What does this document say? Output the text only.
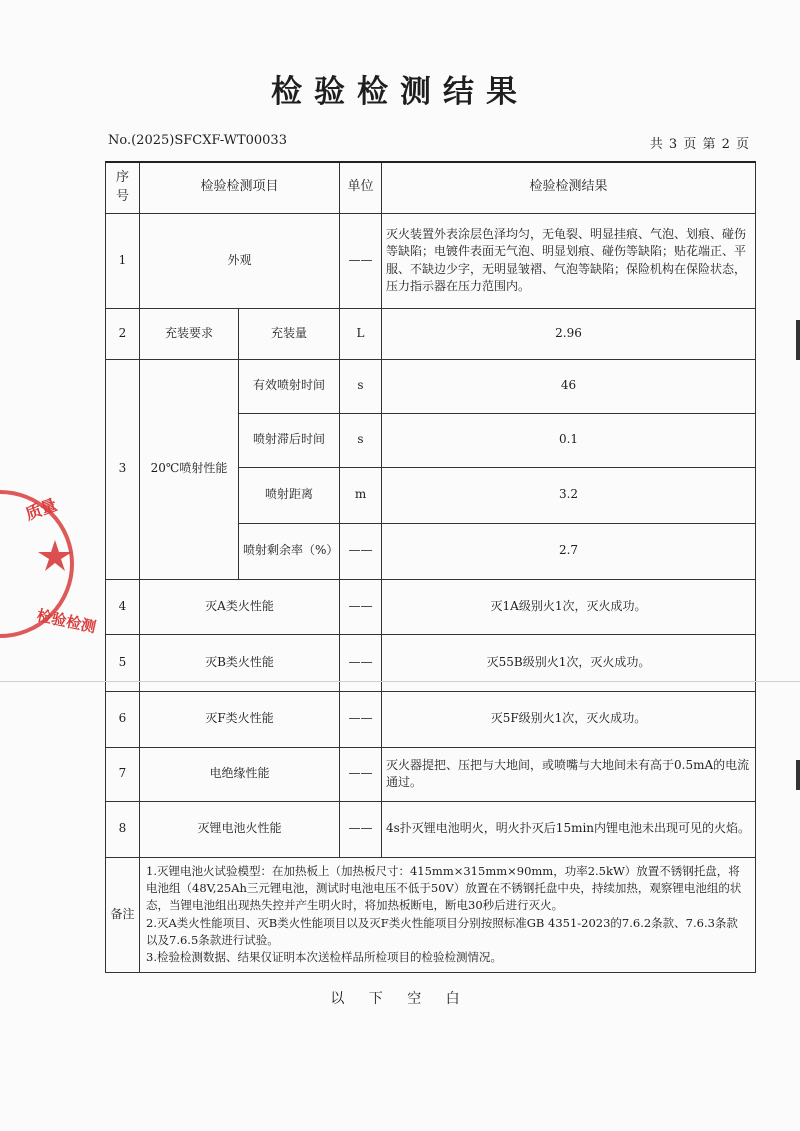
检验检测结果
No.(2025)SFCXF-WT00033	共 3 页 第 2 页
序号	检验检测项目		单位	检验检测结果
1	外观		——	灭火装置外表涂层色泽均匀，无龟裂、明显挂痕、气泡、划痕、碰伤等缺陷；电镀件表面无气泡、明显划痕、碰伤等缺陷；贴花端正、平服、不缺边少字，无明显皱褶、气泡等缺陷；保险机构在保险状态，压力指示器在压力范围内。
2	充装要求	充装量	L	2.96
3	20℃喷射性能	有效喷射时间	s	46
		喷射滞后时间	s	0.1
		喷射距离	m	3.2
		喷射剩余率（%）	——	2.7
4	灭A类火性能		——	灭1A级别火1次，灭火成功。
5	灭B类火性能		——	灭55B级别火1次，灭火成功。
6	灭F类火性能		——	灭5F级别火1次，灭火成功。
7	电绝缘性能		——	灭火器提把、压把与大地间，或喷嘴与大地间未有高于0.5mA的电流通过。
8	灭锂电池火性能		——	4s扑灭锂电池明火，明火扑灭后15min内锂电池未出现可见的火焰。
备注	1.灭锂电池火试验模型：在加热板上（加热板尺寸：415mm×315mm×90mm，功率2.5kW）放置不锈钢托盘，将电池组（48V,25Ah三元锂电池，测试时电池电压不低于50V）放置在不锈钢托盘中央，持续加热，观察锂电池组的状态，当锂电池组出现热失控并产生明火时，将加热板断电，断电30秒后进行灭火。
2.灭A类火性能项目、灭B类火性能项目以及灭F类火性能项目分别按照标准GB 4351-2023的7.6.2条款、7.6.3条款以及7.6.5条款进行试验。
3.检验检测数据、结果仅证明本次送检样品所检项目的检验检测情况。			
以 下 空 白
质量
检验检测
